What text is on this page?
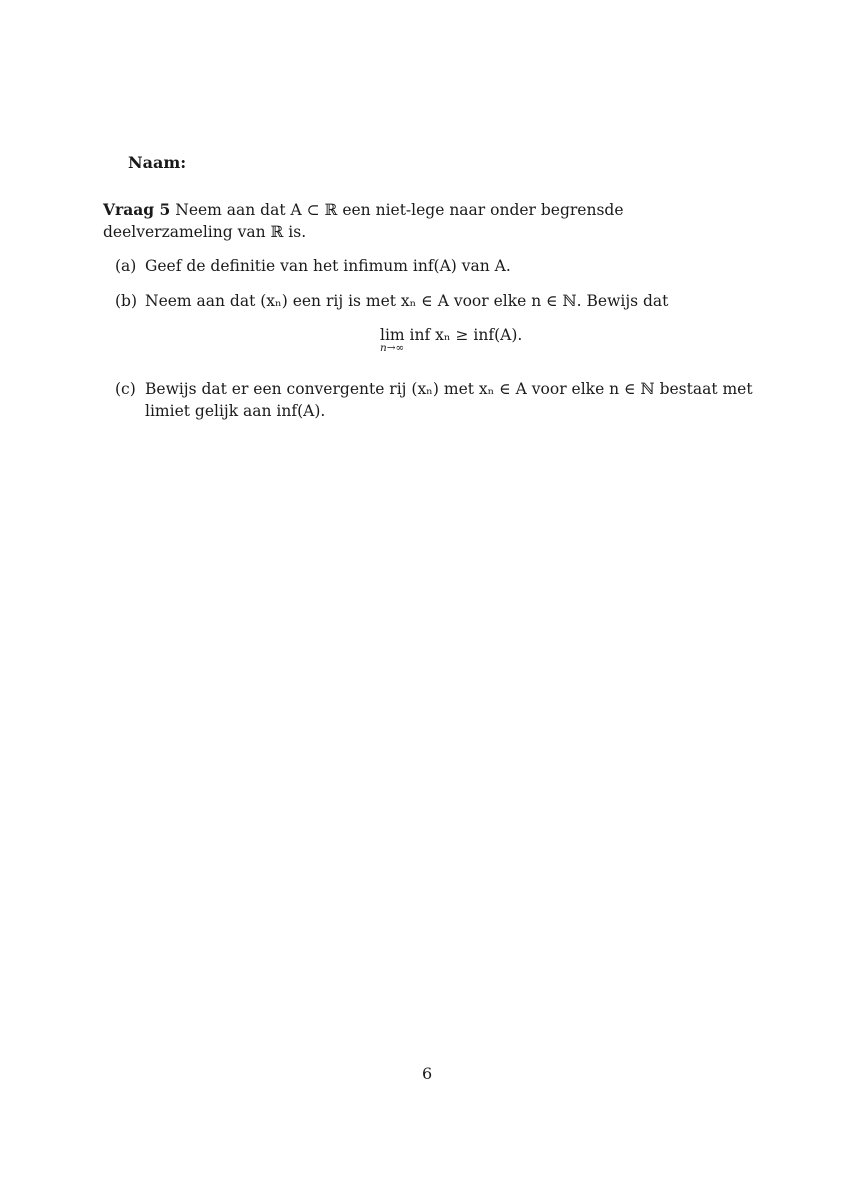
Naam:
Vraag 5 Neem aan dat A ⊂ ℝ een niet-lege naar onder begrensde deelverzameling van ℝ is.
(a) Geef de definitie van het infimum inf(A) van A.
(b) Neem aan dat (xₙ) een rij is met xₙ ∈ A voor elke n ∈ ℕ. Bewijs dat
lim inf xₙ ≥ inf(A).
n→∞
(c) Bewijs dat er een convergente rij (xₙ) met xₙ ∈ A voor elke n ∈ ℕ bestaat met limiet gelijk aan inf(A).
6
